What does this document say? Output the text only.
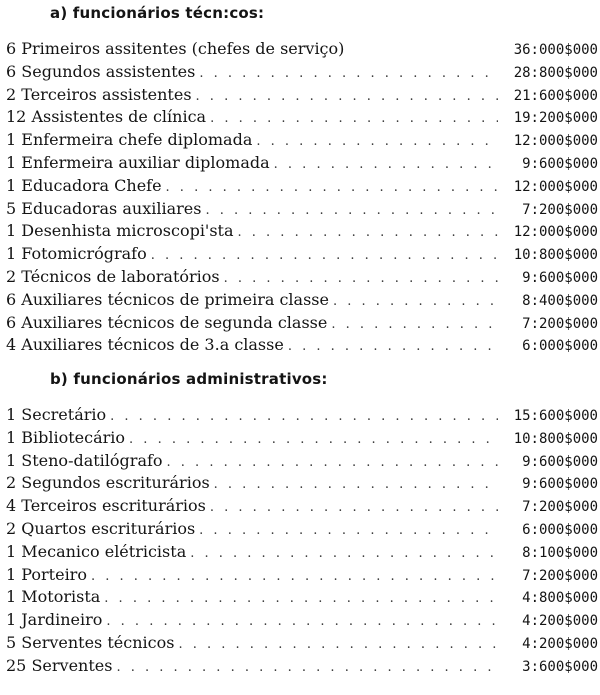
a) funcionários técn:cos:
6 Primeiros assitentes (chefes de serviço)	36:000$000
6 Segundos assistentes . . .	28:800$000
2 Terceiros assistentes . . .	21:600$000
12 Assistentes de clínica . . .	19:200$000
1 Enfermeira chefe diplomada . . .	12:000$000
1 Enfermeira auxiliar diplomada . . .	9:600$000
1 Educadora Chefe . . .	12:000$000
5 Educadoras auxiliares . . .	7:200$000
1 Desenhista microscopi'sta . . .	12:000$000
1 Fotomicrógrafo . . .	10:800$000
2 Técnicos de laboratórios . . .	9:600$000
6 Auxiliares técnicos de primeira classe . . .	8:400$000
6 Auxiliares técnicos de segunda classe . . .	7:200$000
4 Auxiliares técnicos de 3.a classe . . .	6:000$000
b) funcionários administrativos:
1 Secretário . . .	15:600$000
1 Bibliotecário . . .	10:800$000
1 Steno-datilógrafo . . .	9:600$000
2 Segundos escriturários . . .	9:600$000
4 Terceiros escriturários . . .	7:200$000
2 Quartos escriturários . . .	6:000$000
1 Mecanico elétricista . . .	8:100$000
1 Porteiro . . .	7:200$000
1 Motorista . . .	4:800$000
1 Jardineiro . . .	4:200$000
5 Serventes técnicos . . .	4:200$000
25 Serventes . . .	3:600$000
